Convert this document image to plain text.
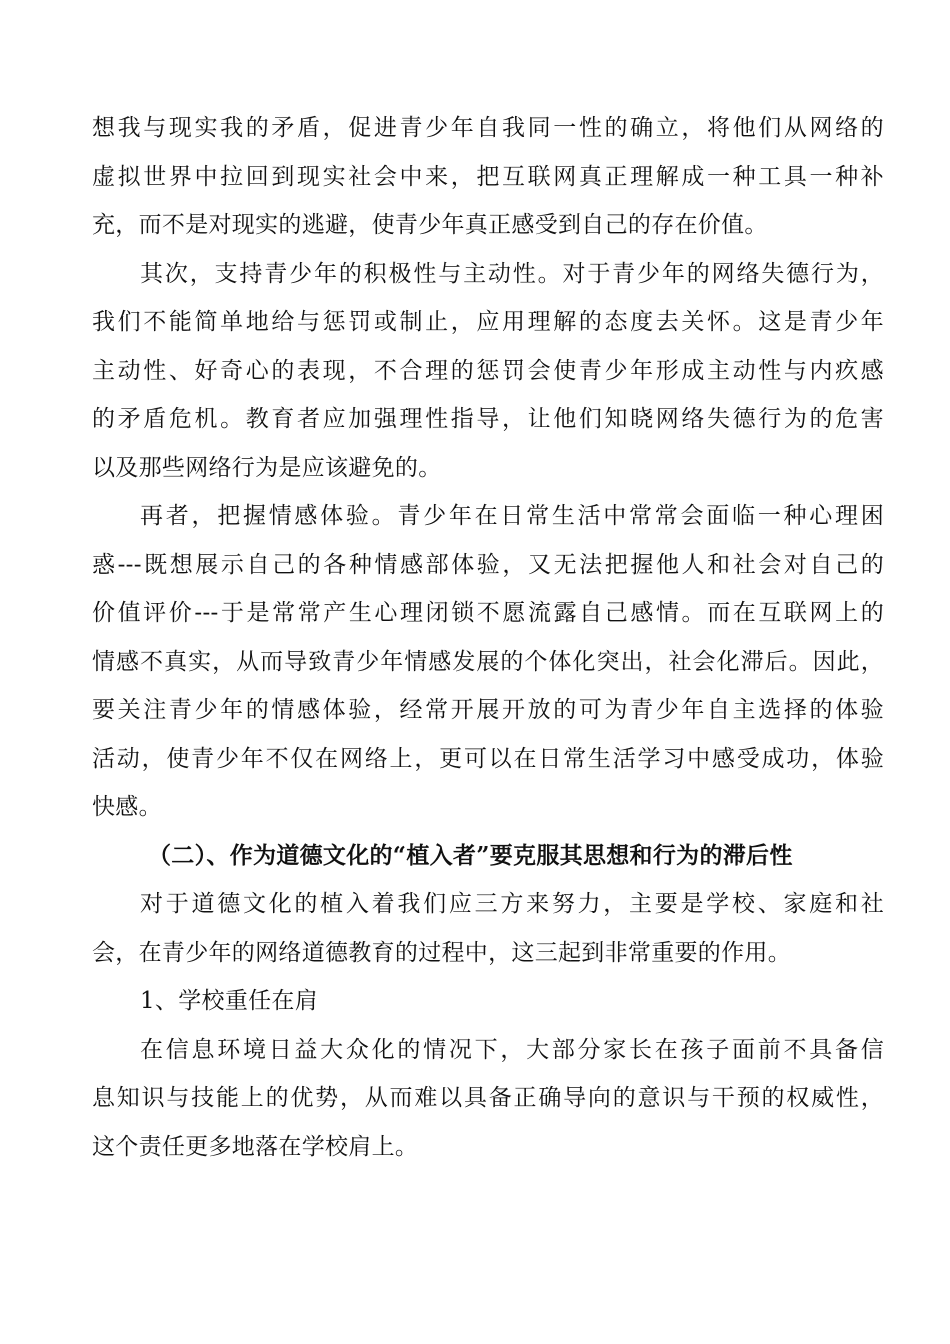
想我与现实我的矛盾，促进青少年自我同一性的确立，将他们从网络的
虚拟世界中拉回到现实社会中来，把互联网真正理解成一种工具一种补
充，而不是对现实的逃避，使青少年真正感受到自己的存在价值。
其次，支持青少年的积极性与主动性。对于青少年的网络失德行为，
我们不能简单地给与惩罚或制止，应用理解的态度去关怀。这是青少年
主动性、好奇心的表现，不合理的惩罚会使青少年形成主动性与内疚感
的矛盾危机。教育者应加强理性指导，让他们知晓网络失德行为的危害
以及那些网络行为是应该避免的。
再者，把握情感体验。青少年在日常生活中常常会面临一种心理困
惑---既想展示自己的各种情感部体验，又无法把握他人和社会对自己的
价值评价---于是常常产生心理闭锁不愿流露自己感情。而在互联网上的
情感不真实，从而导致青少年情感发展的个体化突出，社会化滞后。因此，
要关注青少年的情感体验，经常开展开放的可为青少年自主选择的体验
活动，使青少年不仅在网络上，更可以在日常生活学习中感受成功，体验
快感。
（二）、作为道德文化的“植入者”要克服其思想和行为的滞后性
对于道德文化的植入着我们应三方来努力，主要是学校、家庭和社
会，在青少年的网络道德教育的过程中，这三起到非常重要的作用。
1、学校重任在肩
在信息环境日益大众化的情况下，大部分家长在孩子面前不具备信
息知识与技能上的优势，从而难以具备正确导向的意识与干预的权威性，
这个责任更多地落在学校肩上。
